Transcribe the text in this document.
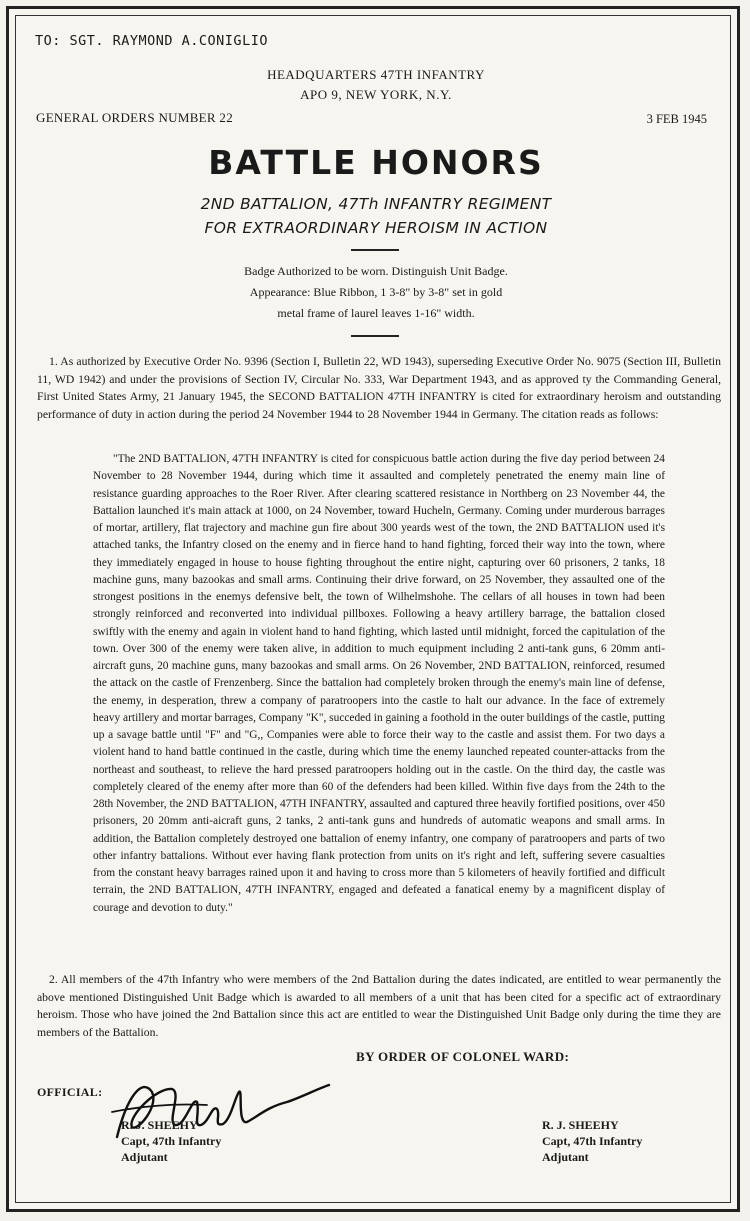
TO: SGT. RAYMOND A.CONIGLIO
HEADQUARTERS 47TH INFANTRY
APO 9, NEW YORK, N.Y.
GENERAL ORDERS NUMBER 22	3 FEB 1945
BATTLE HONORS
2ND BATTALION, 47Th INFANTRY REGIMENT
FOR EXTRAORDINARY HEROISM IN ACTION
Badge Authorized to be worn. Distinguish Unit Badge.
Appearance: Blue Ribbon, 1 3-8" by 3-8" set in gold
metal frame of laurel leaves 1-16" width.

1. As authorized by Executive Order No. 9396 (Section I, Bulletin 22, WD 1943), superseding Executive Order No. 9075 (Section III, Bulletin 11, WD 1942) and under the provisions of Section IV, Circular No. 333, War Department 1943, and as approved ty the Commanding General, First United States Army, 21 January 1945, the SECOND BATTALION 47TH INFANTRY is cited for extraordinary heroism and outstanding performance of duty in action during the period 24 November 1944 to 28 November 1944 in Germany. The citation reads as follows:

"The 2ND BATTALION, 47TH INFANTRY is cited for conspicuous battle action during the five day period between 24 November to 28 November 1944, during which time it assaulted and completely penetrated the enemy main line of resistance guarding approaches to the Roer River. After clearing scattered resistance in Northberg on 23 November 44, the Battalion launched it's main attack at 1000, on 24 November, toward Hucheln, Germany. Coming under murderous barrages of mortar, artillery, flat trajectory and machine gun fire about 300 yeards west of the town, the 2ND BATTALION used it's attached tanks, the Infantry closed on the enemy and in fierce hand to hand fighting, forced their way into the town, where they immediately engaged in house to house fighting throughout the entire night, capturing over 60 prisoners, 2 tanks, 18 machine guns, many bazookas and small arms. Continuing their drive forward, on 25 November, they assaulted one of the strongest positions in the enemys defensive belt, the town of Wilhelmshohe. The cellars of all houses in town had been strongly reinforced and reconverted into individual pillboxes. Following a heavy artillery barrage, the battalion closed swiftly with the enemy and again in violent hand to hand fighting, which lasted until midnight, forced the capitulation of the town. Over 300 of the enemy were taken alive, in addition to much equipment including 2 anti-tank guns, 6 20mm anti-aircraft guns, 20 machine guns, many bazookas and small arms. On 26 November, 2ND BATTALION, reinforced, resumed the attack on the castle of Frenzenberg. Since the battalion had completely broken through the enemy's main line of defense, the enemy, in desperation, threw a company of paratroopers into the castle to halt our advance. In the face of extremely heavy artillery and mortar barrages, Company "K", succeded in gaining a foothold in the outer buildings of the castle, putting up a savage battle until "F" and "G,, Companies were able to force their way to the castle and assist them. For two days a violent hand to hand battle continued in the castle, during which time the enemy launched repeated counter-attacks from the northeast and southeast, to relieve the hard pressed paratroopers holding out in the castle. On the third day, the castle was completely cleared of the enemy after more than 60 of the defenders had been killed. Within five days from the 24th to the 28th November, the 2ND BATTALION, 47TH INFANTRY, assaulted and captured three heavily fortified positions, over 450 prisoners, 20 20mm anti-aicraft guns, 2 tanks, 2 anti-tank guns and hundreds of automatic weapons and small arms. In addition, the Battalion completely destroyed one battalion of enemy infantry, one company of paratroopers and parts of two other infantry battalions. Without ever having flank protection from units on it's right and left, suffering severe casualties from the constant heavy barrages rained upon it and having to cross more than 5 kilometers of heavily fortified and difficult terrain, the 2ND BATTALION, 47TH INFANTRY, engaged and defeated a fanatical enemy by a magnificent display of courage and devotion to duty."

2. All members of the 47th Infantry who were members of the 2nd Battalion during the dates indicated, are entitled to wear permanently the above mentioned Distinguished Unit Badge which is awarded to all members of a unit that has been cited for a specific act of extraordinary heroism. Those who have joined the 2nd Battalion since this act are entitled to wear the Distinguished Unit Badge only during the time they are members of the Battalion.

BY ORDER OF COLONEL WARD:
OFFICIAL:
R. J. SHEEHY
Capt, 47th Infantry
Adjutant
R. J. SHEEHY
Capt, 47th Infantry
Adjutant
